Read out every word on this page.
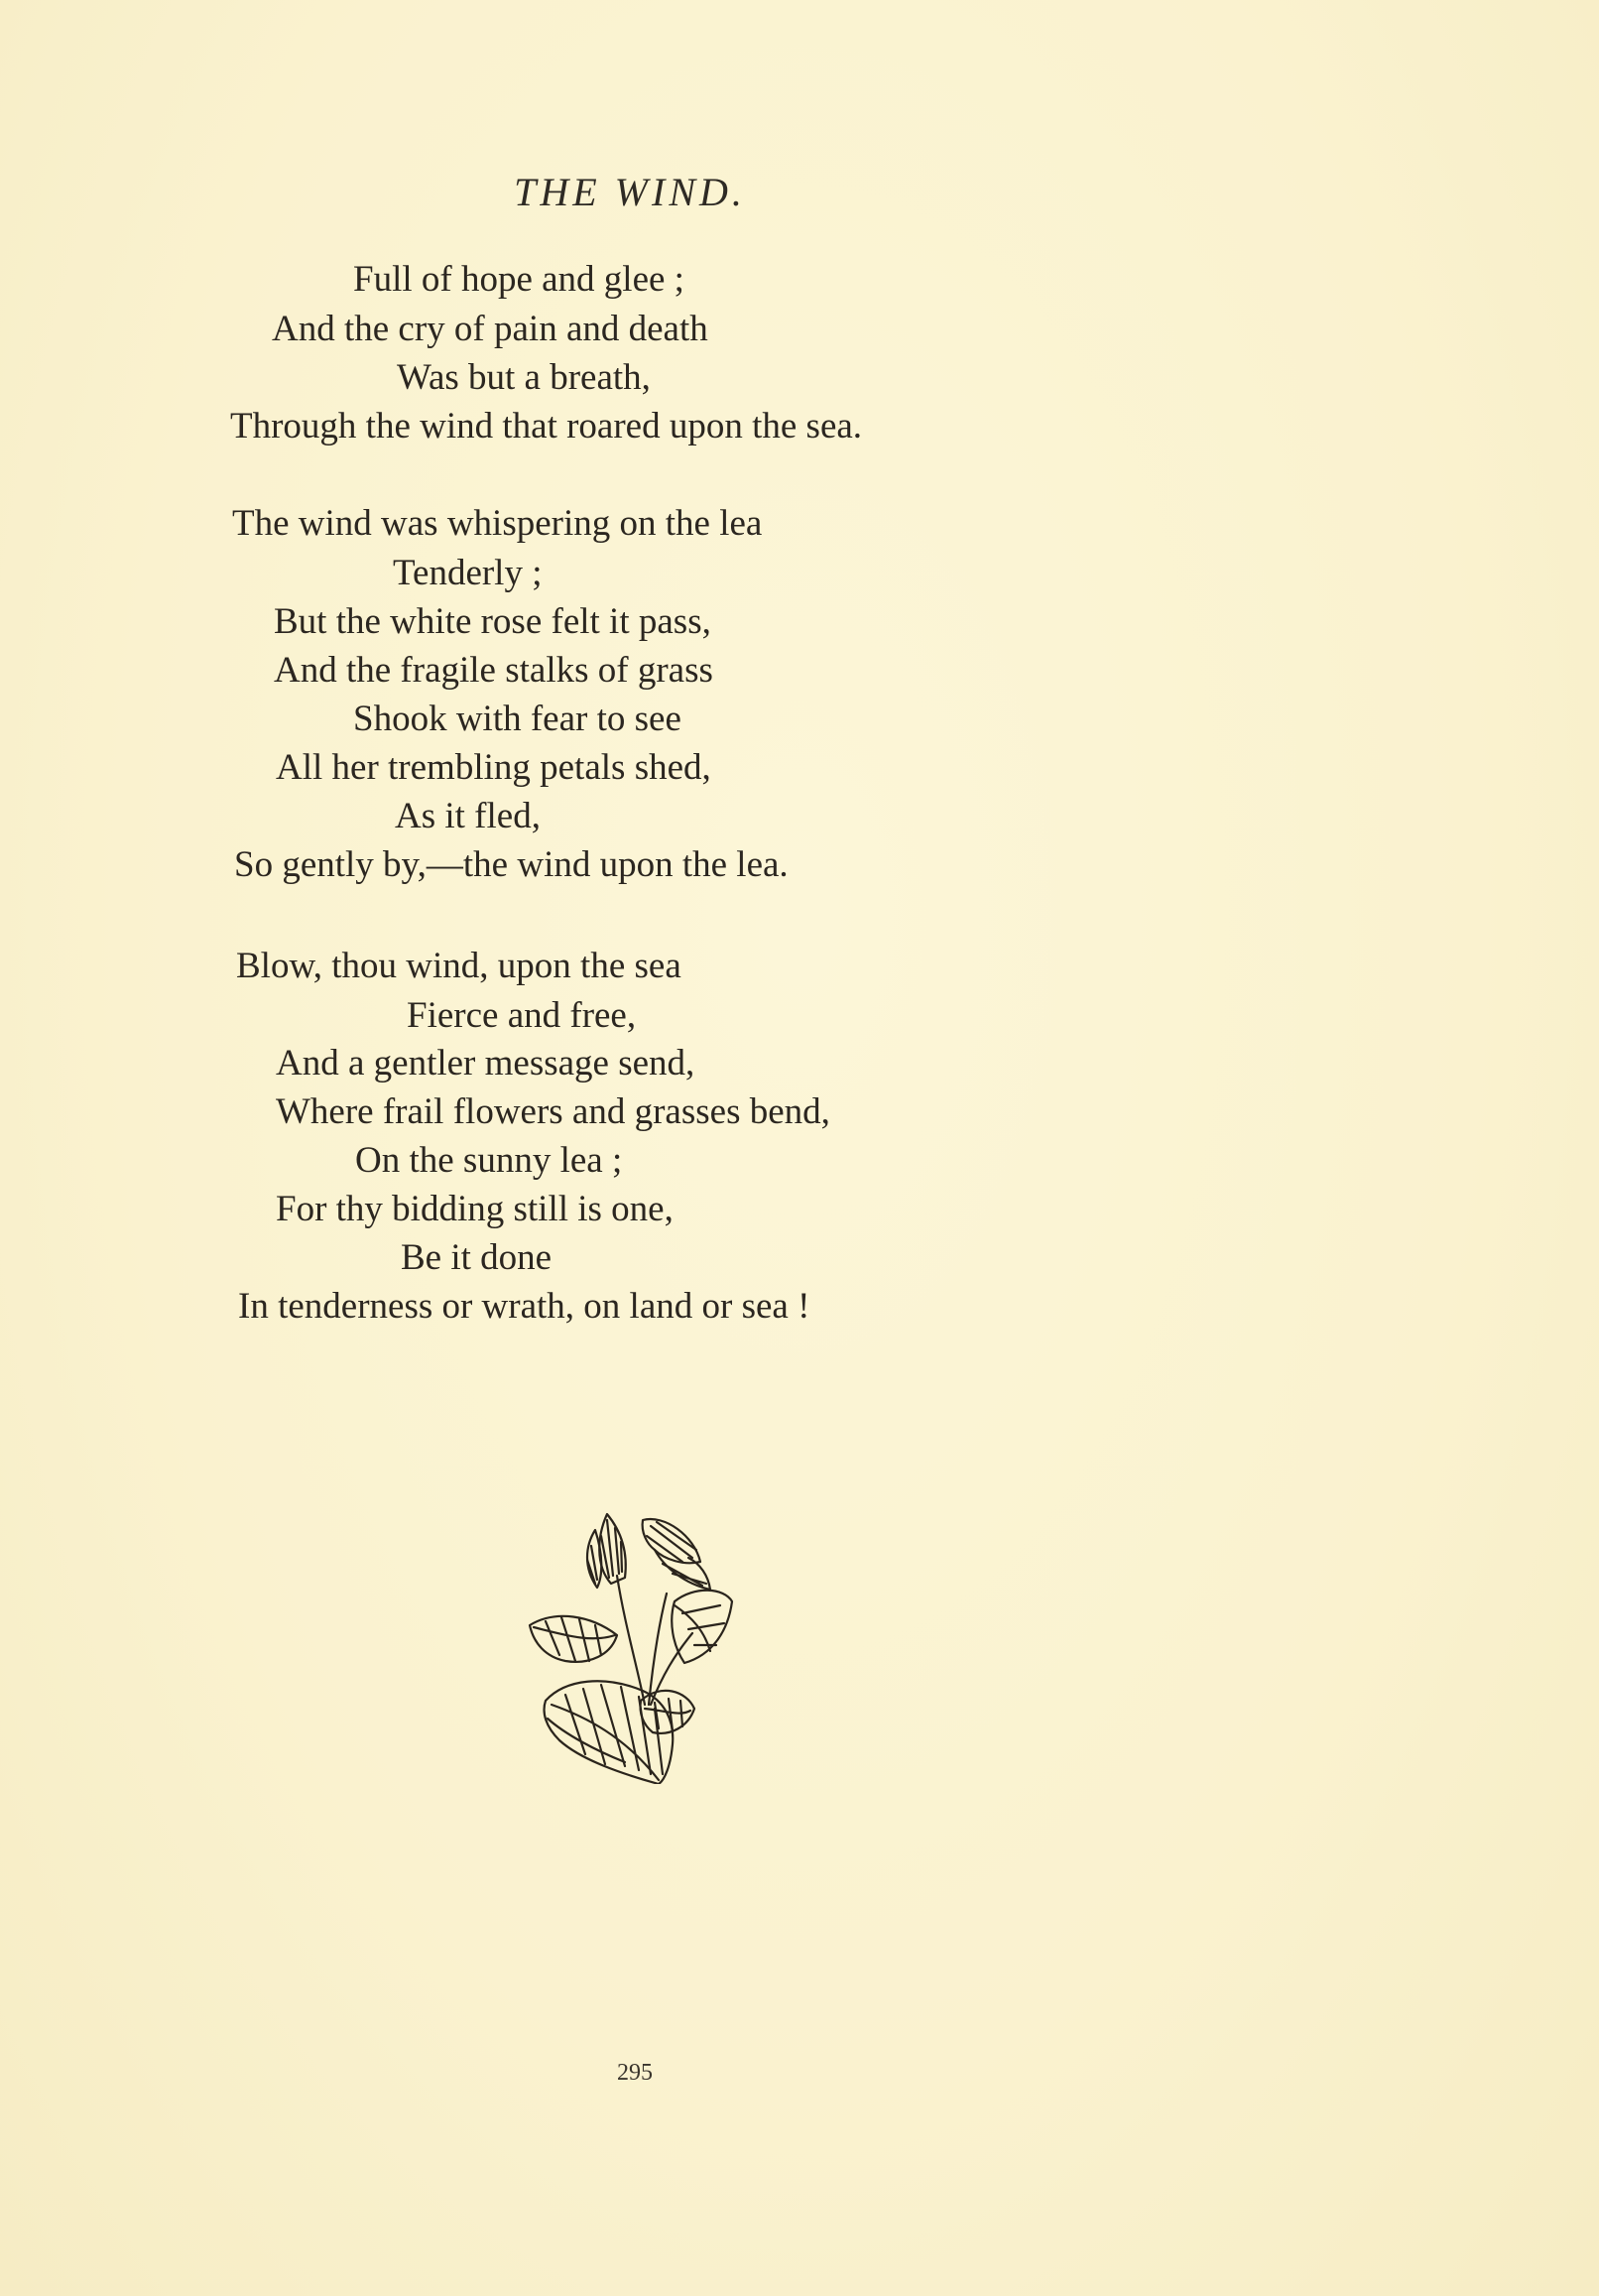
THE WIND.
Full of hope and glee ;
And the cry of pain and death
Was but a breath,
Through the wind that roared upon the sea.
The wind was whispering on the lea
Tenderly ;
But the white rose felt it pass,
And the fragile stalks of grass
Shook with fear to see
All her trembling petals shed,
As it fled,
So gently by,—the wind upon the lea.
Blow, thou wind, upon the sea
Fierce and free,
And a gentler message send,
Where frail flowers and grasses bend,
On the sunny lea ;
For thy bidding still is one,
Be it done
In tenderness or wrath, on land or sea !
295
